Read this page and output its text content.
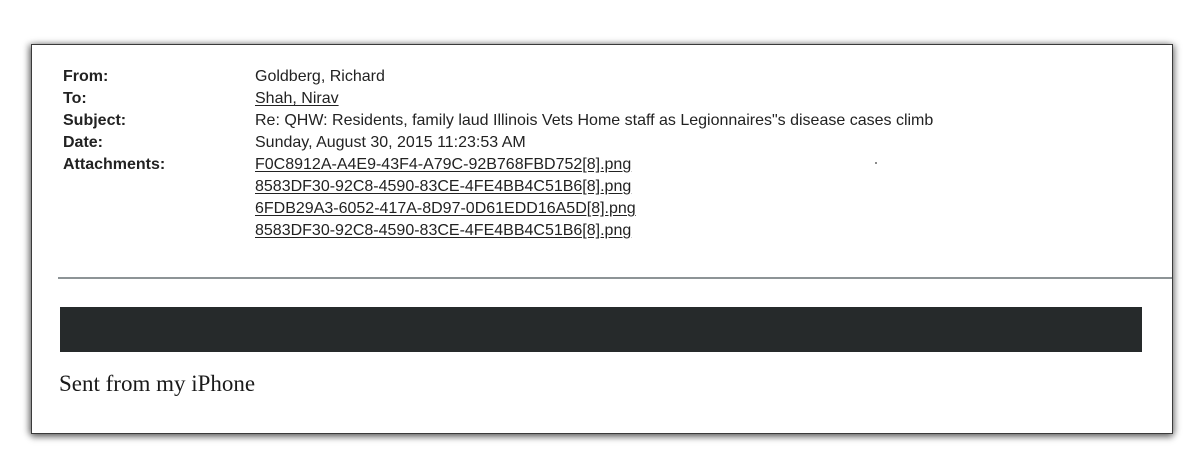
From:	Goldberg, Richard
To:	Shah, Nirav
Subject:	Re: QHW: Residents, family laud Illinois Vets Home staff as Legionnaires"s disease cases climb
Date:	Sunday, August 30, 2015 11:23:53 AM
Attachments:	F0C8912A-A4E9-43F4-A79C-92B768FBD752[8].png
8583DF30-92C8-4590-83CE-4FE4BB4C51B6[8].png
6FDB29A3-6052-417A-8D97-0D61EDD16A5D[8].png
8583DF30-92C8-4590-83CE-4FE4BB4C51B6[8].png
Sent from my iPhone
